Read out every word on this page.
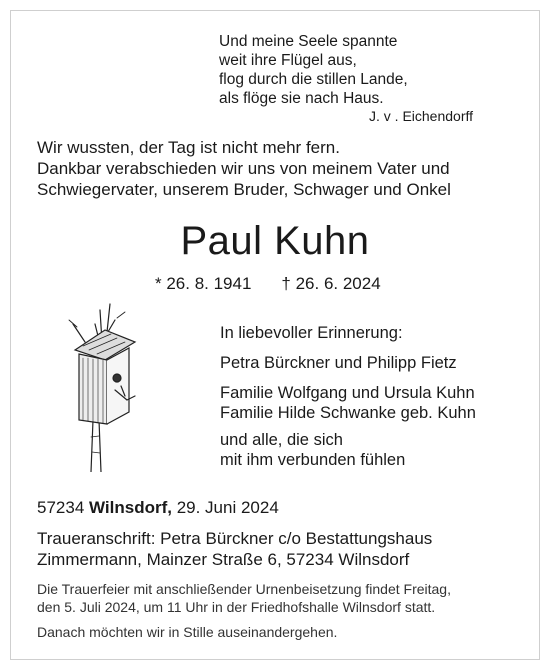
Und meine Seele spannte
weit ihre Flügel aus,
flog durch die stillen Lande,
als flöge sie nach Haus.
J. v . Eichendorff
Wir wussten, der Tag ist nicht mehr fern.
Dankbar verabschieden wir uns von meinem Vater und
Schwiegervater, unserem Bruder, Schwager und Onkel
Paul Kuhn
* 26. 8. 1941 † 26. 6. 2024
In liebevoller Erinnerung:
Petra Bürckner und Philipp Fietz
Familie Wolfgang und Ursula Kuhn
Familie Hilde Schwanke geb. Kuhn
und alle, die sich
mit ihm verbunden fühlen
57234 Wilnsdorf, 29. Juni 2024
Traueranschrift: Petra Bürckner c/o Bestattungshaus
Zimmermann, Mainzer Straße 6, 57234 Wilnsdorf
Die Trauerfeier mit anschließender Urnenbeisetzung findet Freitag,
den 5. Juli 2024, um 11 Uhr in der Friedhofshalle Wilnsdorf statt.
Danach möchten wir in Stille auseinandergehen.
